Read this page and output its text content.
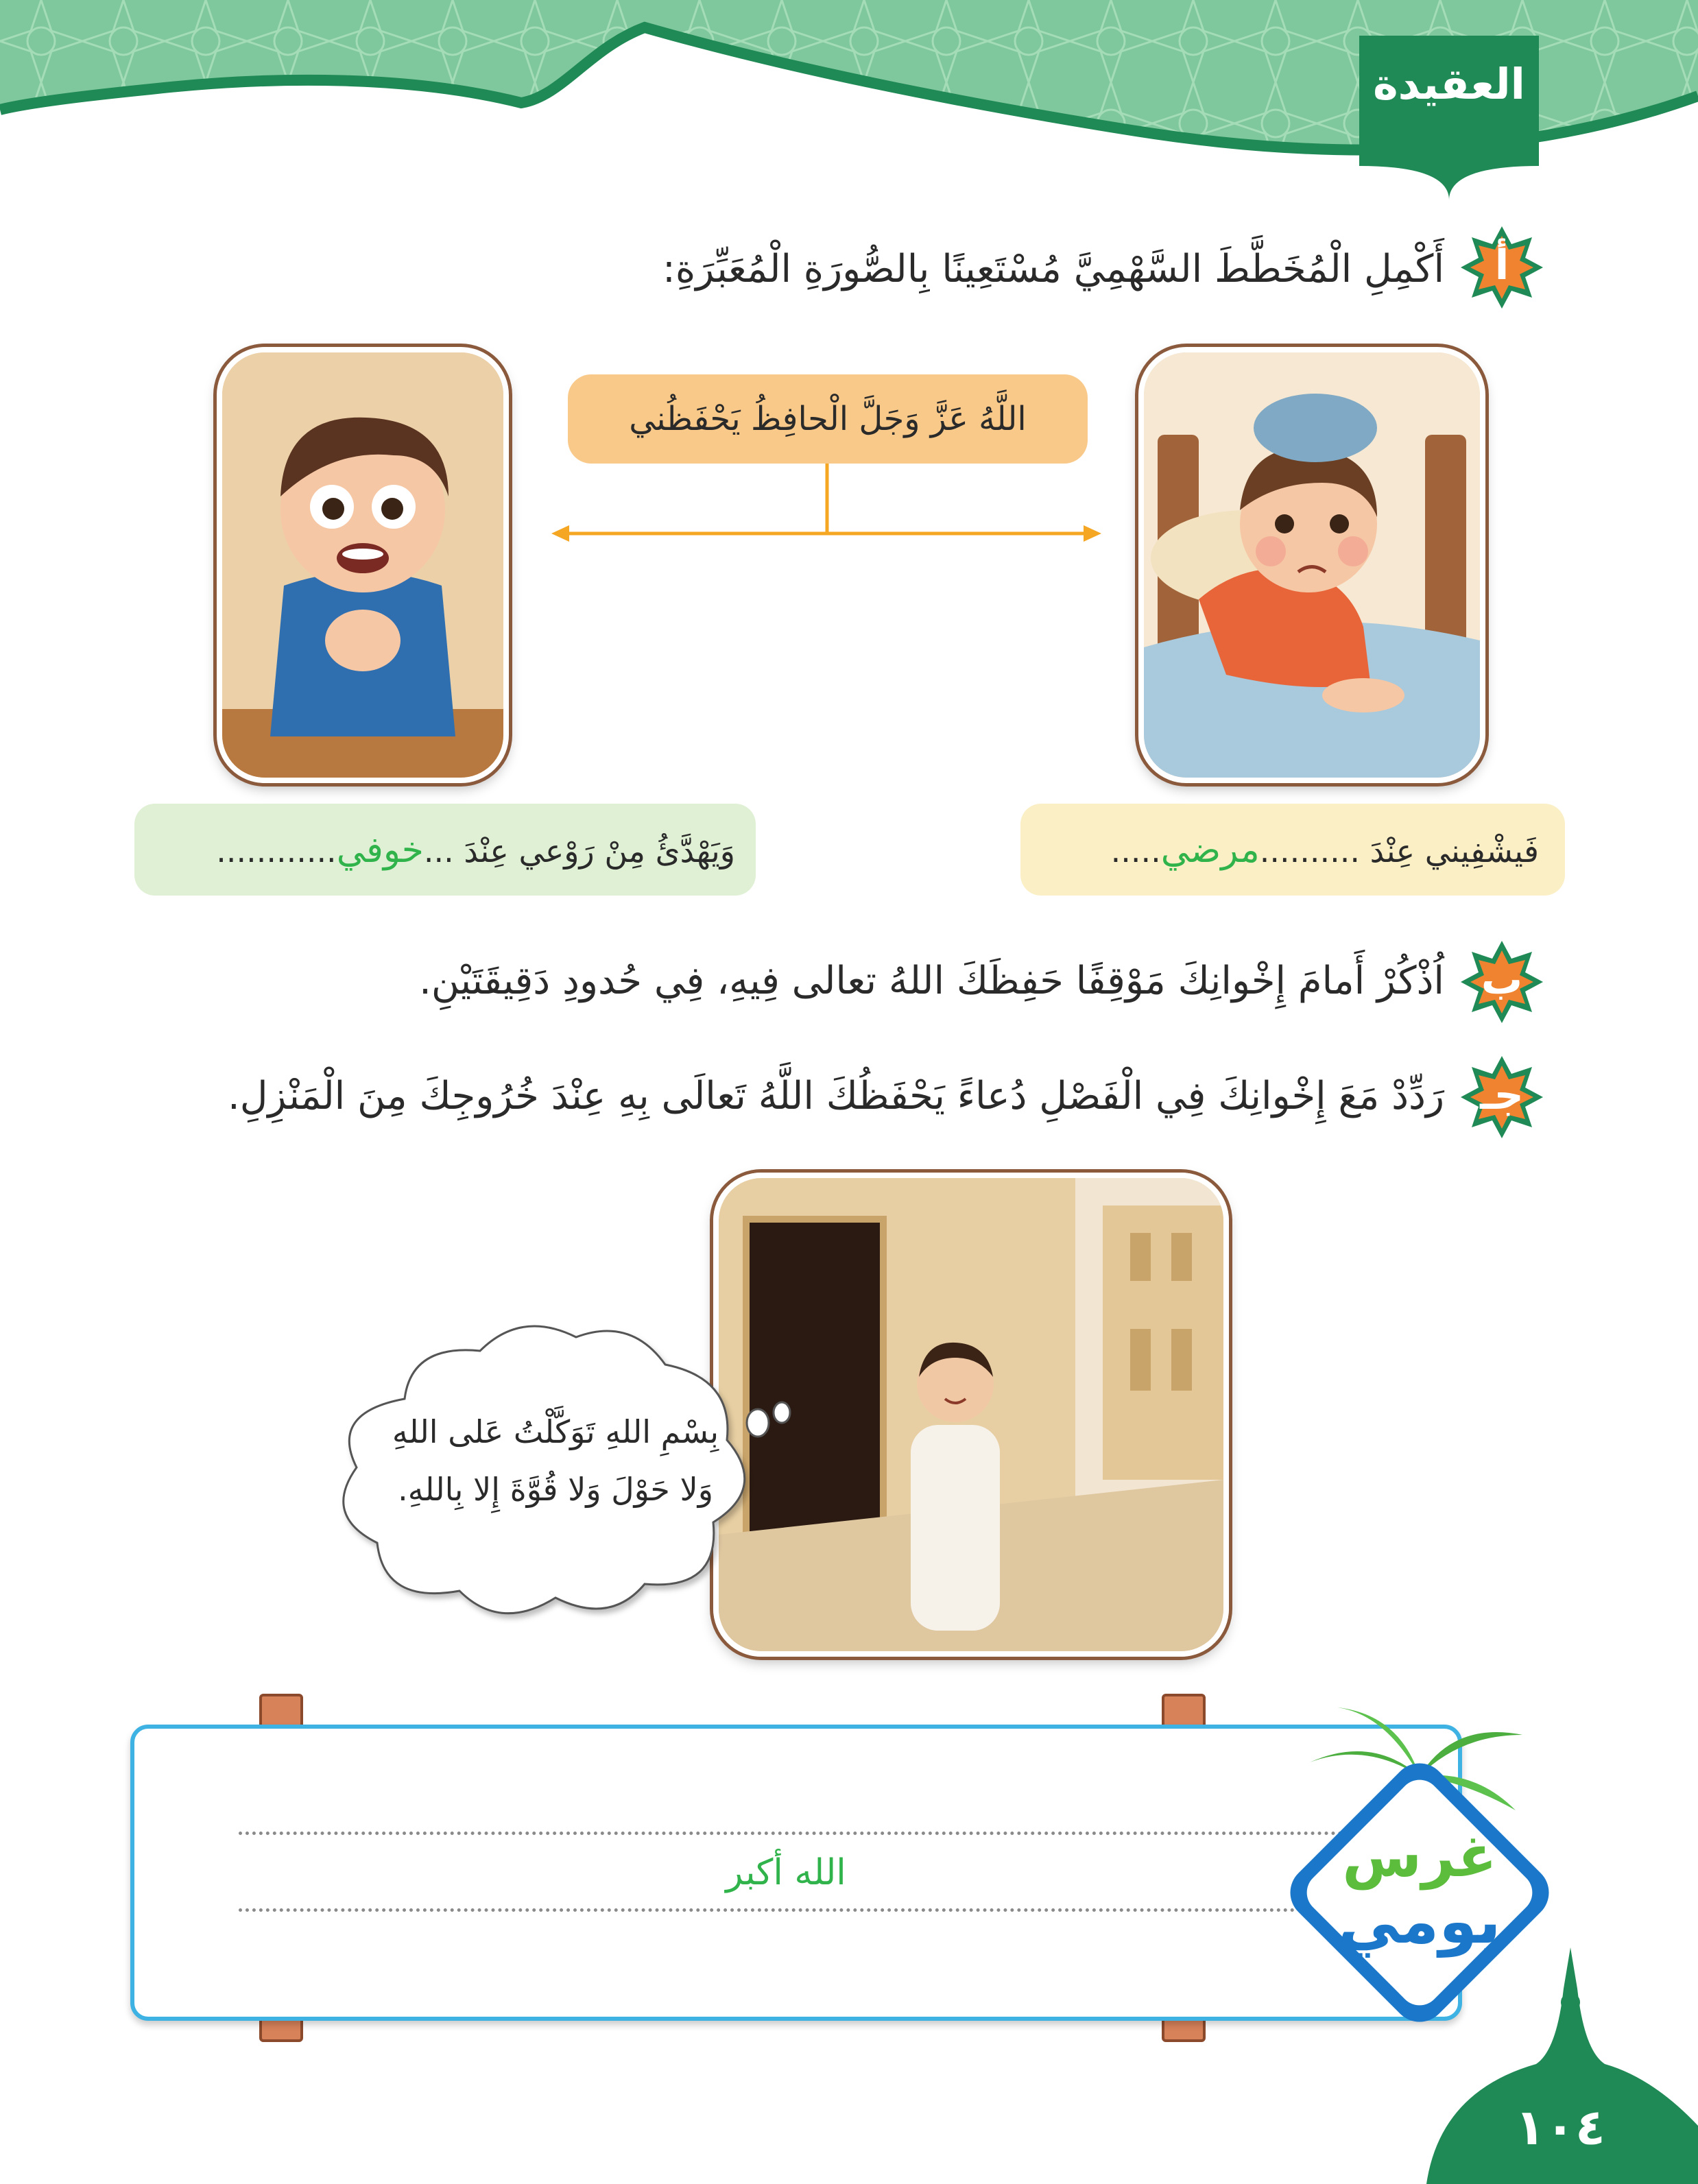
العقيدة
أ
أَكْمِلِ الْمُخَطَّطَ السَّهْمِيَّ مُسْتَعِينًا بِالصُّورَةِ الْمُعَبِّرَةِ:
اللَّهُ عَزَّ وَجَلَّ الْحافِظُ يَحْفَظُني
فَيشْفِيني عِنْدَ ..........مرضي.....
وَيَهْدَّئُ مِنْ رَوْعي عِنْدَ ...خوفي............
ب
اُذْكُرْ أَمامَ إِخْوانِكَ مَوْقِفًا حَفِظَكَ اللهُ تعالى فِيهِ، فِي حُدودِ دَقِيقَتَيْنِ.
جـ
رَدِّدْ مَعَ إِخْوانِكَ فِي الْفَصْلِ دُعاءً يَحْفَظُكَ اللَّهُ تَعالَى بِهِ عِنْدَ خُرُوجِكَ مِنَ الْمَنْزِلِ.
بِسْمِ اللهِ تَوَكَّلْتُ عَلى اللهِ
وَلا حَوْلَ وَلا قُوَّةَ إِلا بِاللهِ.
الله أكبر	غرس
يومي
١٠٤
